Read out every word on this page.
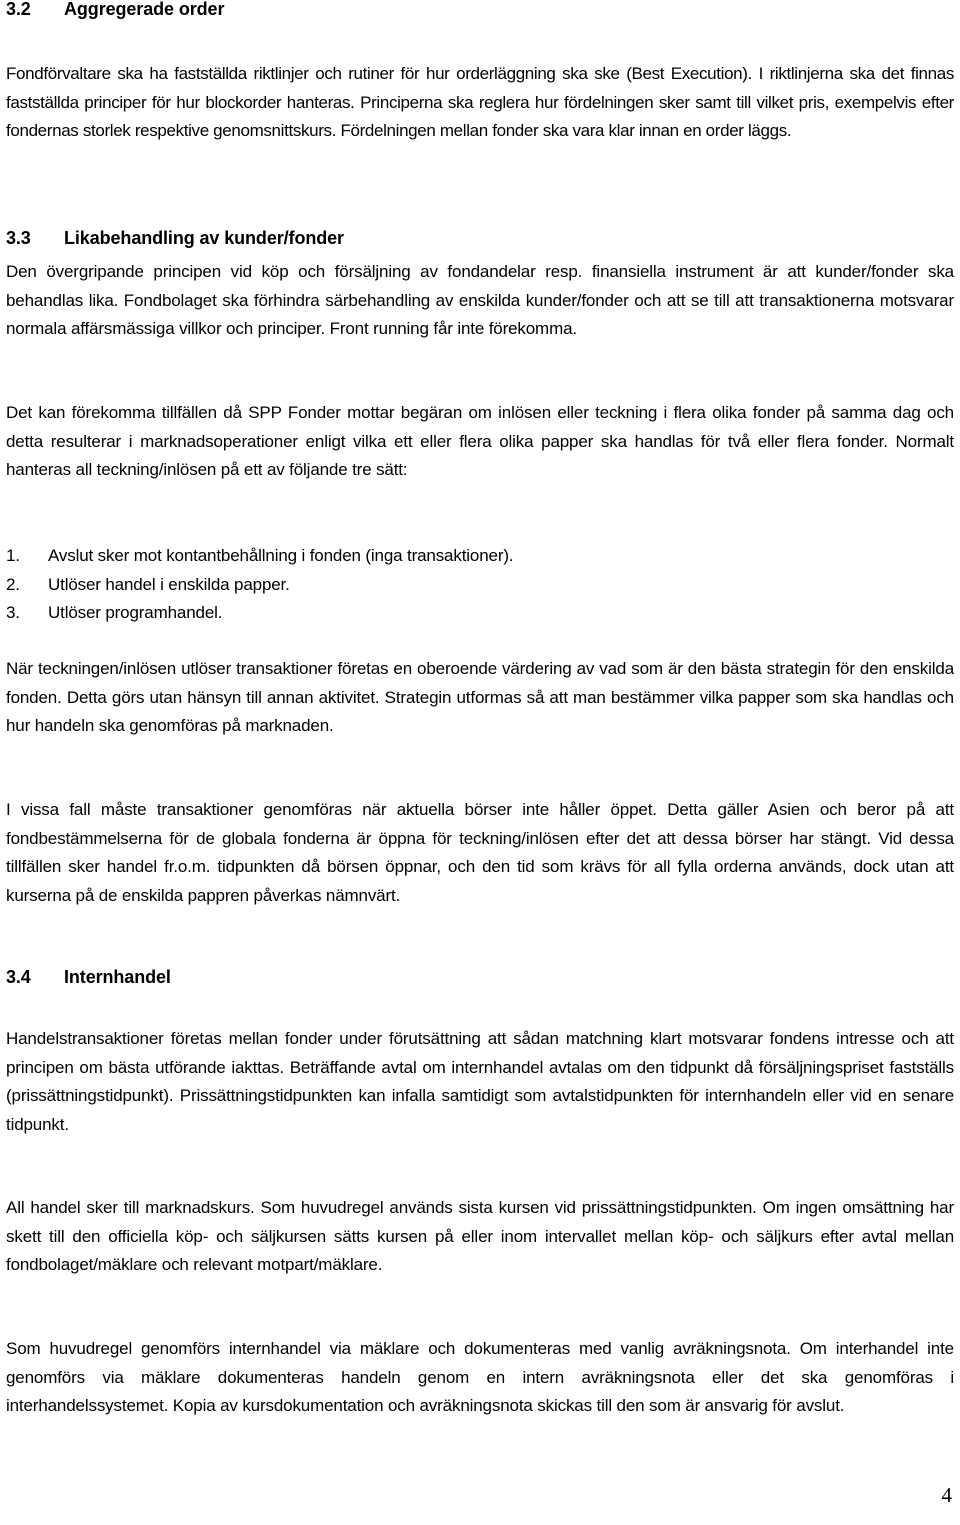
3.2 Aggregerade order

Fondförvaltare ska ha fastställda riktlinjer och rutiner för hur orderläggning ska ske (Best Execution). I riktlinjerna ska det finnas fastställda principer för hur blockorder hanteras. Principerna ska reglera hur fördelningen sker samt till vilket pris, exempelvis efter fondernas storlek respektive genomsnittskurs. Fördelningen mellan fonder ska vara klar innan en order läggs.

3.3 Likabehandling av kunder/fonder

Den övergripande principen vid köp och försäljning av fondandelar resp. finansiella instrument är att kunder/fonder ska behandlas lika. Fondbolaget ska förhindra särbehandling av enskilda kunder/fonder och att se till att transaktionerna motsvarar normala affärsmässiga villkor och principer. Front running får inte förekomma.

Det kan förekomma tillfällen då SPP Fonder mottar begäran om inlösen eller teckning i flera olika fonder på samma dag och detta resulterar i marknadsoperationer enligt vilka ett eller flera olika papper ska handlas för två eller flera fonder. Normalt hanteras all teckning/inlösen på ett av följande tre sätt:

1. Avslut sker mot kontantbehållning i fonden (inga transaktioner).
2. Utlöser handel i enskilda papper.
3. Utlöser programhandel.

När teckningen/inlösen utlöser transaktioner företas en oberoende värdering av vad som är den bästa strategin för den enskilda fonden. Detta görs utan hänsyn till annan aktivitet. Strategin utformas så att man bestämmer vilka papper som ska handlas och hur handeln ska genomföras på marknaden.

I vissa fall måste transaktioner genomföras när aktuella börser inte håller öppet. Detta gäller Asien och beror på att fondbestämmelserna för de globala fonderna är öppna för teckning/inlösen efter det att dessa börser har stängt. Vid dessa tillfällen sker handel fr.o.m. tidpunkten då börsen öppnar, och den tid som krävs för all fylla orderna används, dock utan att kurserna på de enskilda pappren påverkas nämnvärt.

3.4 Internhandel

Handelstransaktioner företas mellan fonder under förutsättning att sådan matchning klart motsvarar fondens intresse och att principen om bästa utförande iakttas. Beträffande avtal om internhandel avtalas om den tidpunkt då försäljningspriset fastställs (prissättningstidpunkt). Prissättningstidpunkten kan infalla samtidigt som avtalstidpunkten för internhandeln eller vid en senare tidpunkt.

All handel sker till marknadskurs. Som huvudregel används sista kursen vid prissättningstidpunkten. Om ingen omsättning har skett till den officiella köp- och säljkursen sätts kursen på eller inom intervallet mellan köp- och säljkurs efter avtal mellan fondbolaget/mäklare och relevant motpart/mäklare.

Som huvudregel genomförs internhandel via mäklare och dokumenteras med vanlig avräkningsnota. Om interhandel inte genomförs via mäklare dokumenteras handeln genom en intern avräkningsnota eller det ska genomföras i interhandelssystemet. Kopia av kursdokumentation och avräkningsnota skickas till den som är ansvarig för avslut.

4
